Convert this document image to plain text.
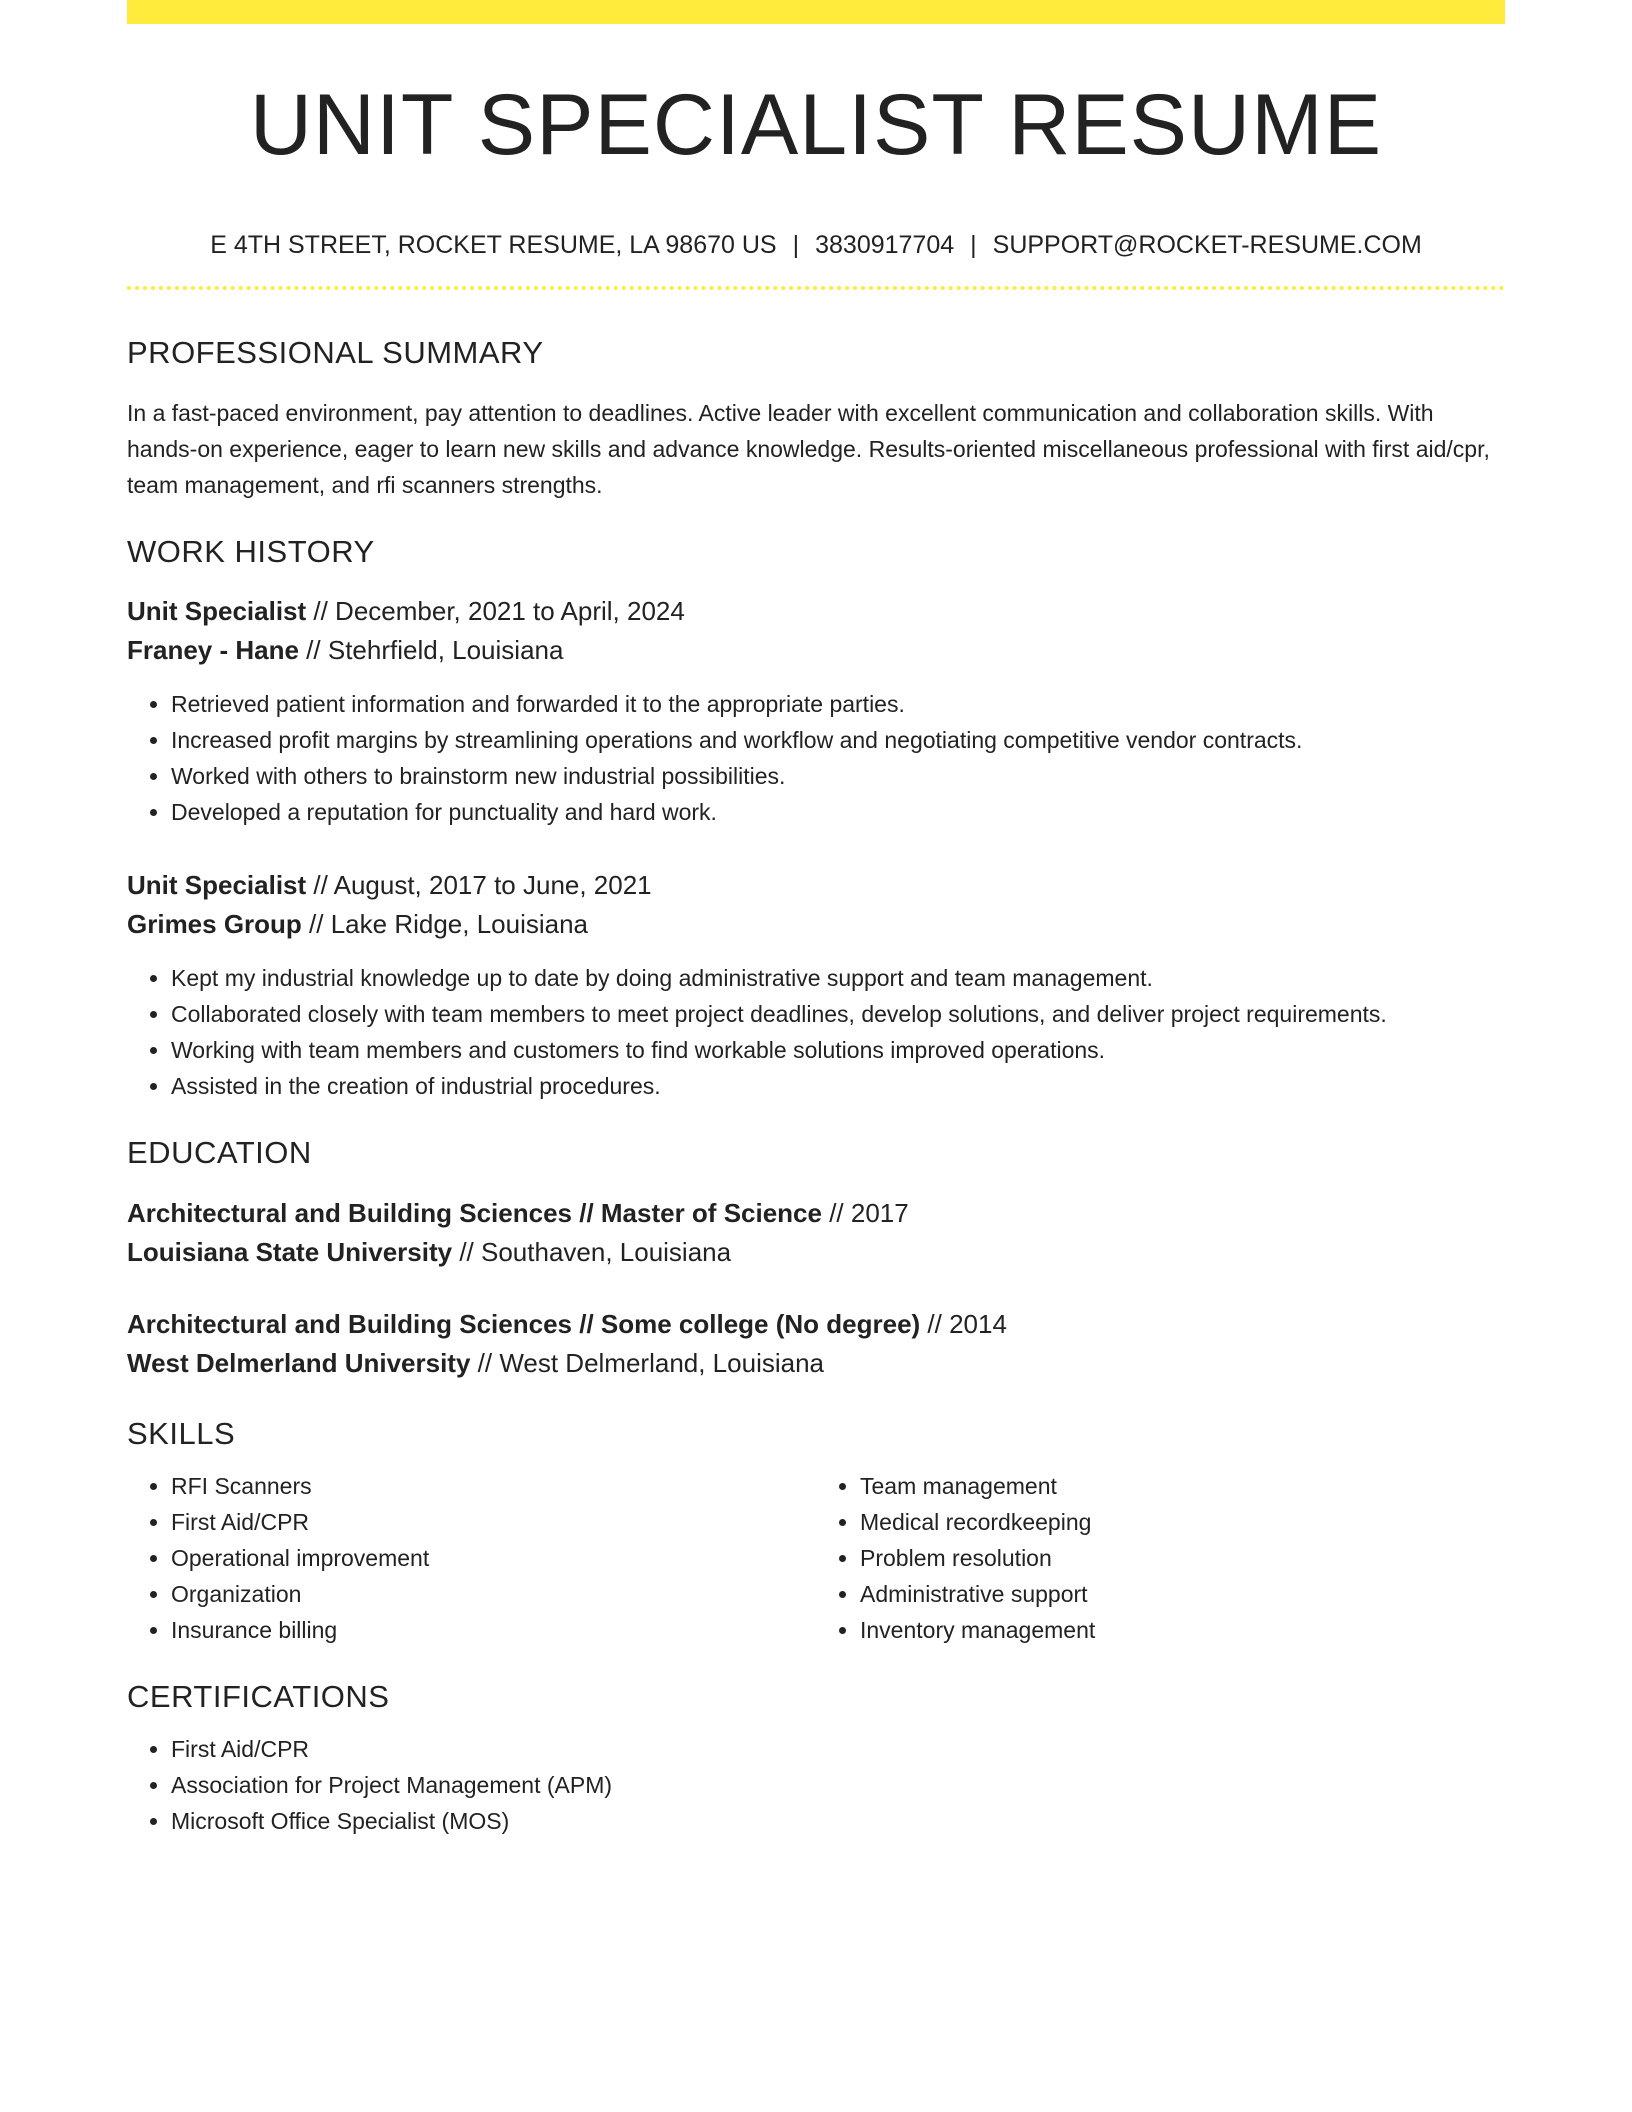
UNIT SPECIALIST RESUME
E 4TH STREET, ROCKET RESUME, LA 98670 US | 3830917704 | SUPPORT@ROCKET-RESUME.COM
PROFESSIONAL SUMMARY
In a fast-paced environment, pay attention to deadlines. Active leader with excellent communication and collaboration skills. With hands-on experience, eager to learn new skills and advance knowledge. Results-oriented miscellaneous professional with first aid/cpr, team management, and rfi scanners strengths.
WORK HISTORY
Unit Specialist // December, 2021 to April, 2024
Franey - Hane // Stehrfield, Louisiana
• Retrieved patient information and forwarded it to the appropriate parties.
• Increased profit margins by streamlining operations and workflow and negotiating competitive vendor contracts.
• Worked with others to brainstorm new industrial possibilities.
• Developed a reputation for punctuality and hard work.
Unit Specialist // August, 2017 to June, 2021
Grimes Group // Lake Ridge, Louisiana
• Kept my industrial knowledge up to date by doing administrative support and team management.
• Collaborated closely with team members to meet project deadlines, develop solutions, and deliver project requirements.
• Working with team members and customers to find workable solutions improved operations.
• Assisted in the creation of industrial procedures.
EDUCATION
Architectural and Building Sciences // Master of Science // 2017
Louisiana State University // Southaven, Louisiana
Architectural and Building Sciences // Some college (No degree) // 2014
West Delmerland University // West Delmerland, Louisiana
SKILLS
• RFI Scanners
• First Aid/CPR
• Operational improvement
• Organization
• Insurance billing
• Team management
• Medical recordkeeping
• Problem resolution
• Administrative support
• Inventory management
CERTIFICATIONS
• First Aid/CPR
• Association for Project Management (APM)
• Microsoft Office Specialist (MOS)
